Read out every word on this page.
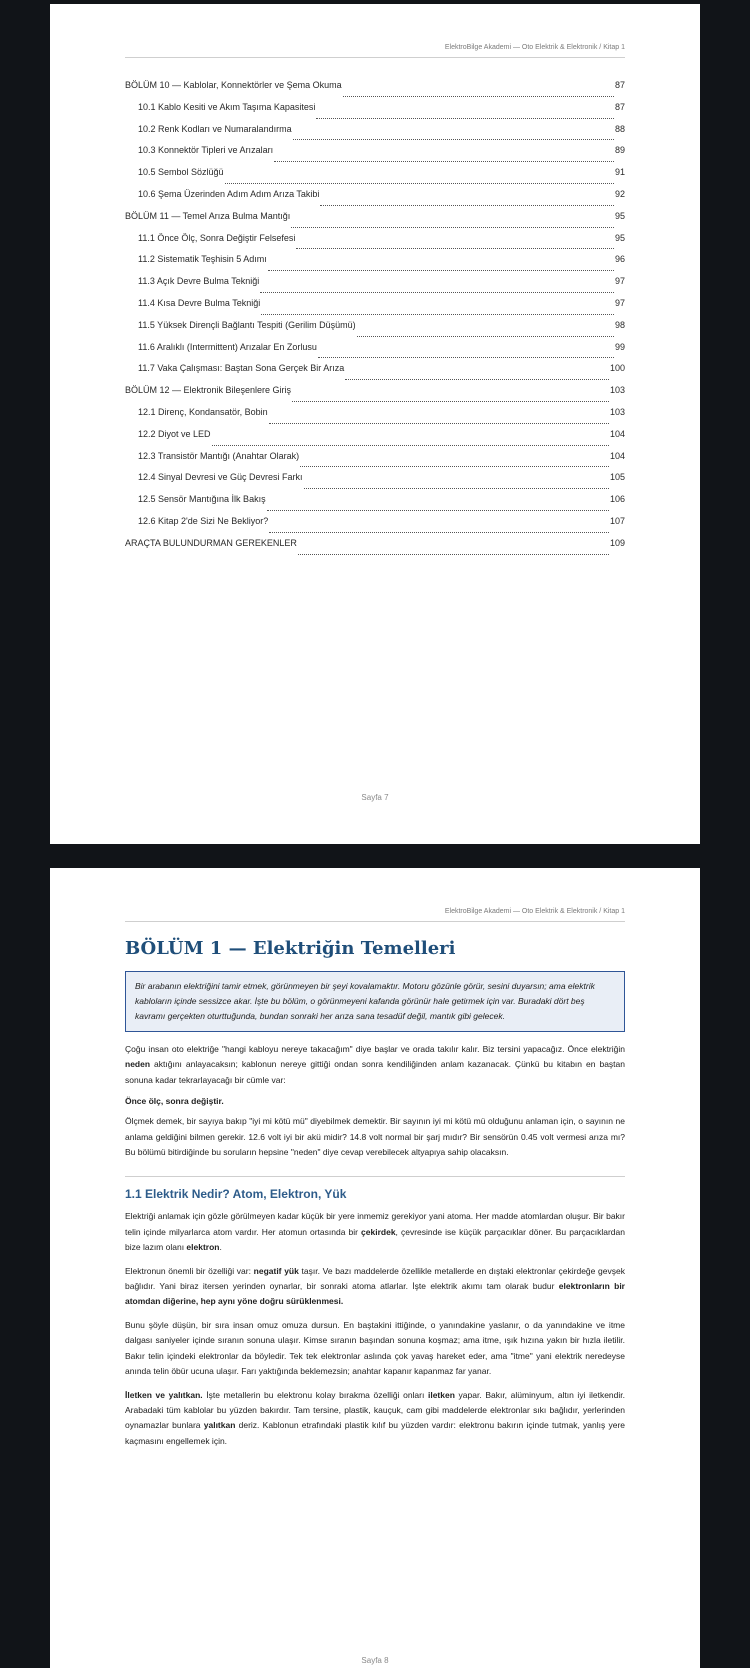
ElektroBilge Akademi — Oto Elektrik & Elektronik / Kitap 1
BÖLÜM 10 — Kablolar, Konnektörler ve Şema Okuma	87
10.1 Kablo Kesiti ve Akım Taşıma Kapasitesi	87
10.2 Renk Kodları ve Numaralandırma	88
10.3 Konnektör Tipleri ve Arızaları	89
10.5 Sembol Sözlüğü	91
10.6 Şema Üzerinden Adım Adım Arıza Takibi	92
BÖLÜM 11 — Temel Arıza Bulma Mantığı	95
11.1 Önce Ölç, Sonra Değiştir Felsefesi	95
11.2 Sistematik Teşhisin 5 Adımı	96
11.3 Açık Devre Bulma Tekniği	97
11.4 Kısa Devre Bulma Tekniği	97
11.5 Yüksek Dirençli Bağlantı Tespiti (Gerilim Düşümü)	98
11.6 Aralıklı (Intermittent) Arızalar En Zorlusu	99
11.7 Vaka Çalışması: Baştan Sona Gerçek Bir Arıza	100
BÖLÜM 12 — Elektronik Bileşenlere Giriş	103
12.1 Direnç, Kondansatör, Bobin	103
12.2 Diyot ve LED	104
12.3 Transistör Mantığı (Anahtar Olarak)	104
12.4 Sinyal Devresi ve Güç Devresi Farkı	105
12.5 Sensör Mantığına İlk Bakış	106
12.6 Kitap 2'de Sizi Ne Bekliyor?	107
ARAÇTA BULUNDURMAN GEREKENLER	109
Sayfa 7
ElektroBilge Akademi — Oto Elektrik & Elektronik / Kitap 1
BÖLÜM 1 — Elektriğin Temelleri
Bir arabanın elektriğini tamir etmek, görünmeyen bir şeyi kovalamaktır. Motoru gözünle görür, sesini duyarsın; ama elektrik kabloların içinde sessizce akar. İşte bu bölüm, o görünmeyeni kafanda görünür hale getirmek için var. Buradaki dört beş kavramı gerçekten oturttuğunda, bundan sonraki her arıza sana tesadüf değil, mantık gibi gelecek.

Çoğu insan oto elektriğe "hangi kabloyu nereye takacağım" diye başlar ve orada takılır kalır. Biz tersini yapacağız. Önce elektriğin neden aktığını anlayacaksın; kablonun nereye gittiği ondan sonra kendiliğinden anlam kazanacak. Çünkü bu kitabın en baştan sonuna kadar tekrarlayacağı bir cümle var:

Önce ölç, sonra değiştir.

Ölçmek demek, bir sayıya bakıp "iyi mi kötü mü" diyebilmek demektir. Bir sayının iyi mi kötü mü olduğunu anlaman için, o sayının ne anlama geldiğini bilmen gerekir. 12.6 volt iyi bir akü midir? 14.8 volt normal bir şarj mıdır? Bir sensörün 0.45 volt vermesi arıza mı? Bu bölümü bitirdiğinde bu soruların hepsine "neden" diye cevap verebilecek altyapıya sahip olacaksın.

1.1 Elektrik Nedir? Atom, Elektron, Yük

Elektriği anlamak için gözle görülmeyen kadar küçük bir yere inmemiz gerekiyor yani atoma. Her madde atomlardan oluşur. Bir bakır telin içinde milyarlarca atom vardır. Her atomun ortasında bir çekirdek, çevresinde ise küçük parçacıklar döner. Bu parçacıklardan bize lazım olanı elektron.

Elektronun önemli bir özelliği var: negatif yük taşır. Ve bazı maddelerde özellikle metallerde en dıştaki elektronlar çekirdeğe gevşek bağlıdır. Yani biraz itersen yerinden oynarlar, bir sonraki atoma atlarlar. İşte elektrik akımı tam olarak budur elektronların bir atomdan diğerine, hep aynı yöne doğru sürüklenmesi.

Bunu şöyle düşün, bir sıra insan omuz omuza dursun. En baştakini ittiğinde, o yanındakine yaslanır, o da yanındakine ve itme dalgası saniyeler içinde sıranın sonuna ulaşır. Kimse sıranın başından sonuna koşmaz; ama itme, ışık hızına yakın bir hızla iletilir. Bakır telin içindeki elektronlar da böyledir. Tek tek elektronlar aslında çok yavaş hareket eder, ama "itme" yani elektrik neredeyse anında telin öbür ucuna ulaşır. Farı yaktığında beklemezsin; anahtar kapanır kapanmaz far yanar.

İletken ve yalıtkan. İşte metallerin bu elektronu kolay bırakma özelliği onları iletken yapar. Bakır, alüminyum, altın iyi iletkendir. Arabadaki tüm kablolar bu yüzden bakırdır. Tam tersine, plastik, kauçuk, cam gibi maddelerde elektronlar sıkı bağlıdır, yerlerinden oynamazlar bunlara yalıtkan deriz. Kablonun etrafındaki plastik kılıf bu yüzden vardır: elektronu bakırın içinde tutmak, yanlış yere kaçmasını engellemek için.

Sayfa 8
